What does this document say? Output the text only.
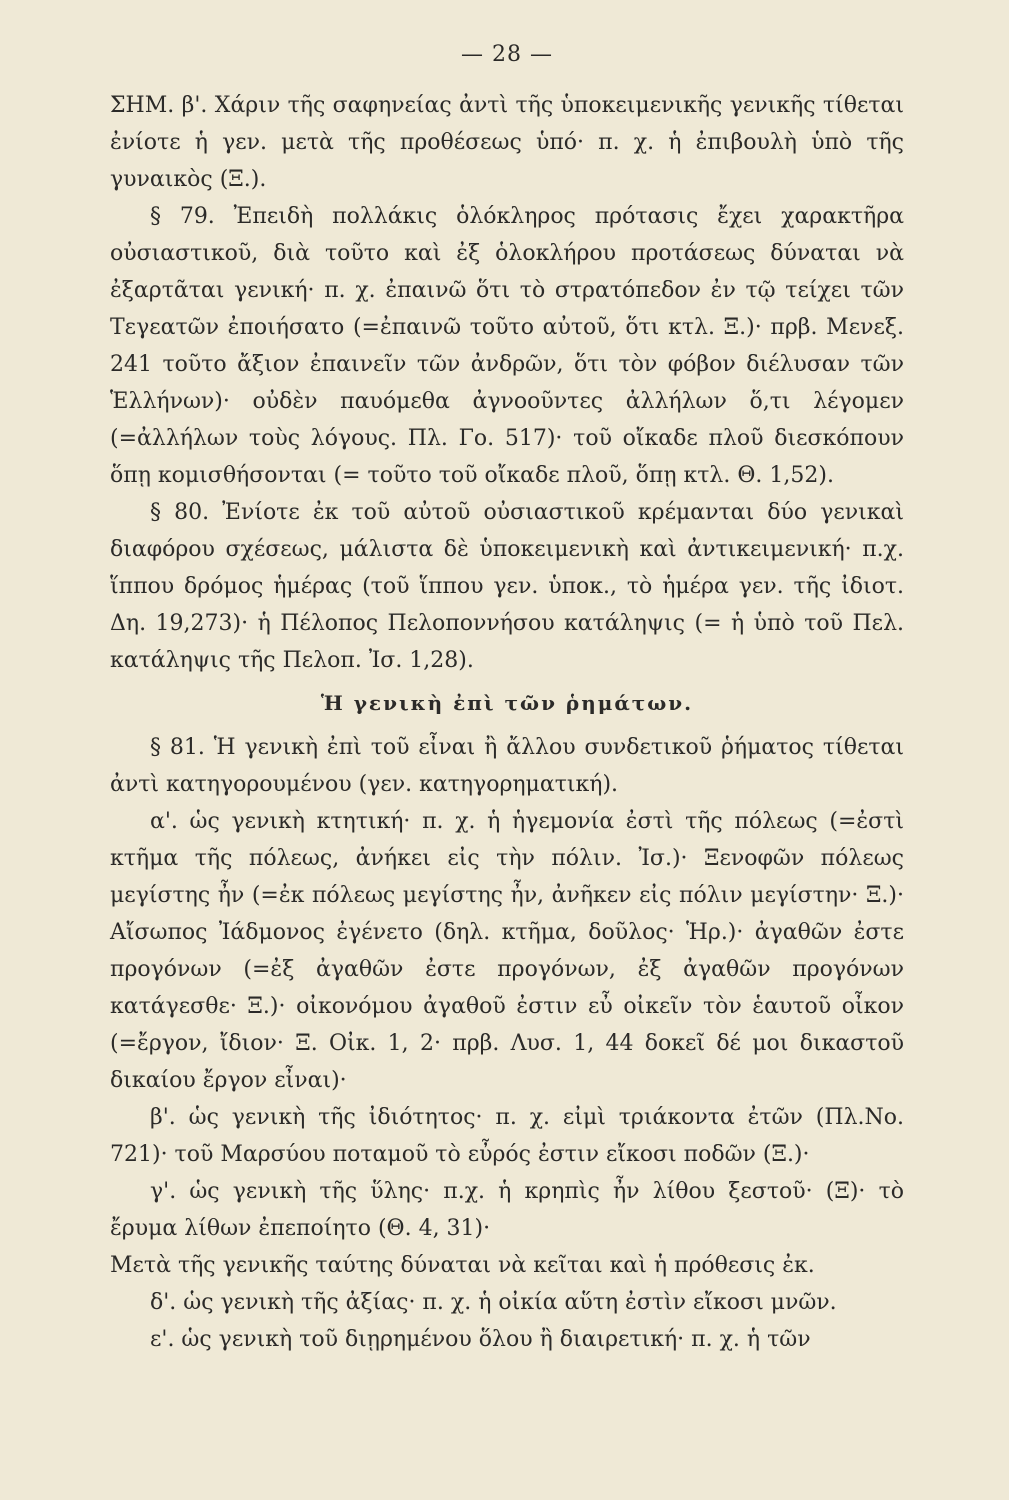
— 28 —

ΣΗΜ. β'. Χάριν τῆς σαφηνείας ἀντὶ τῆς ὑποκειμενικῆς γενικῆς τίθεται ἐνίοτε ἡ γεν. μετὰ τῆς προθέσεως ὑπό· π. χ. ἡ ἐπιβουλὴ ὑπὸ τῆς γυναικὸς (Ξ.).

§ 79. Ἐπειδὴ πολλάκις ὁλόκληρος πρότασις ἔχει χαρακτῆρα οὐσιαστικοῦ, διὰ τοῦτο καὶ ἐξ ὁλοκλήρου προτάσεως δύναται νὰ ἐξαρτᾶται γενική· π. χ. ἐπαινῶ ὅτι τὸ στρατόπεδον ἐν τῷ τείχει τῶν Τεγεατῶν ἐποιήσατο (=ἐπαινῶ τοῦτο αὐτοῦ, ὅτι κτλ. Ξ.)· πρβ. Μενεξ. 241 τοῦτο ἄξιον ἐπαινεῖν τῶν ἀνδρῶν, ὅτι τὸν φόβον διέλυσαν τῶν Ἑλλήνων)· οὐδὲν παυόμεθα ἀγνοοῦντες ἀλλήλων ὅ,τι λέγομεν (=ἀλλήλων τοὺς λόγους. Πλ. Γο. 517)· τοῦ οἴκαδε πλοῦ διεσκόπουν ὅπῃ κομισθήσονται (= τοῦτο τοῦ οἴκαδε πλοῦ, ὅπῃ κτλ. Θ. 1,52).

§ 80. Ἐνίοτε ἐκ τοῦ αὐτοῦ οὐσιαστικοῦ κρέμανται δύο γενικαὶ διαφόρου σχέσεως, μάλιστα δὲ ὑποκειμενικὴ καὶ ἀντικειμενική· π.χ. ἵππου δρόμος ἡμέρας (τοῦ ἵππου γεν. ὑποκ., τὸ ἡμέρα γεν. τῆς ἰδιοτ. Δη. 19,273)· ἡ Πέλοπος Πελοποννήσου κατάληψις (= ἡ ὑπὸ τοῦ Πελ. κατάληψις τῆς Πελοπ. Ἰσ. 1,28).

Ἡ γενικὴ ἐπὶ τῶν ῥημάτων.

§ 81. Ἡ γενικὴ ἐπὶ τοῦ εἶναι ἢ ἄλλου συνδετικοῦ ῥήματος τίθεται ἀντὶ κατηγορουμένου (γεν. κατηγορηματική).

α'. ὡς γενικὴ κτητική· π. χ. ἡ ἡγεμονία ἐστὶ τῆς πόλεως (=ἐστὶ κτῆμα τῆς πόλεως, ἀνήκει εἰς τὴν πόλιν. Ἰσ.)· Ξενοφῶν πόλεως μεγίστης ἦν (=ἐκ πόλεως μεγίστης ἦν, ἀνῆκεν εἰς πόλιν μεγίστην· Ξ.)· Αἴσωπος Ἰάδμονος ἐγένετο (δηλ. κτῆμα, δοῦλος· Ἡρ.)· ἀγαθῶν ἐστε προγόνων (=ἐξ ἀγαθῶν ἐστε προγόνων, ἐξ ἀγαθῶν προγόνων κατάγεσθε· Ξ.)· οἰκονόμου ἀγαθοῦ ἐστιν εὖ οἰκεῖν τὸν ἑαυτοῦ οἶκον (=ἔργον, ἴδιον· Ξ. Οἰκ. 1, 2· πρβ. Λυσ. 1, 44 δοκεῖ δέ μοι δικαστοῦ δικαίου ἔργον εἶναι)·

β'. ὡς γενικὴ τῆς ἰδιότητος· π. χ. εἰμὶ τριάκοντα ἐτῶν (Πλ.Νο. 721)· τοῦ Μαρσύου ποταμοῦ τὸ εὖρός ἐστιν εἴκοσι ποδῶν (Ξ.)·

γ'. ὡς γενικὴ τῆς ὕλης· π.χ. ἡ κρηπὶς ἦν λίθου ξεστοῦ· (Ξ)· τὸ ἔρυμα λίθων ἐπεποίητο (Θ. 4, 31)·

Μετὰ τῆς γενικῆς ταύτης δύναται νὰ κεῖται καὶ ἡ πρόθεσις ἐκ.

δ'. ὡς γενικὴ τῆς ἀξίας· π. χ. ἡ οἰκία αὕτη ἐστὶν εἴκοσι μνῶν.

ε'. ὡς γενικὴ τοῦ διῃρημένου ὅλου ἢ διαιρετική· π. χ. ἡ τῶν
